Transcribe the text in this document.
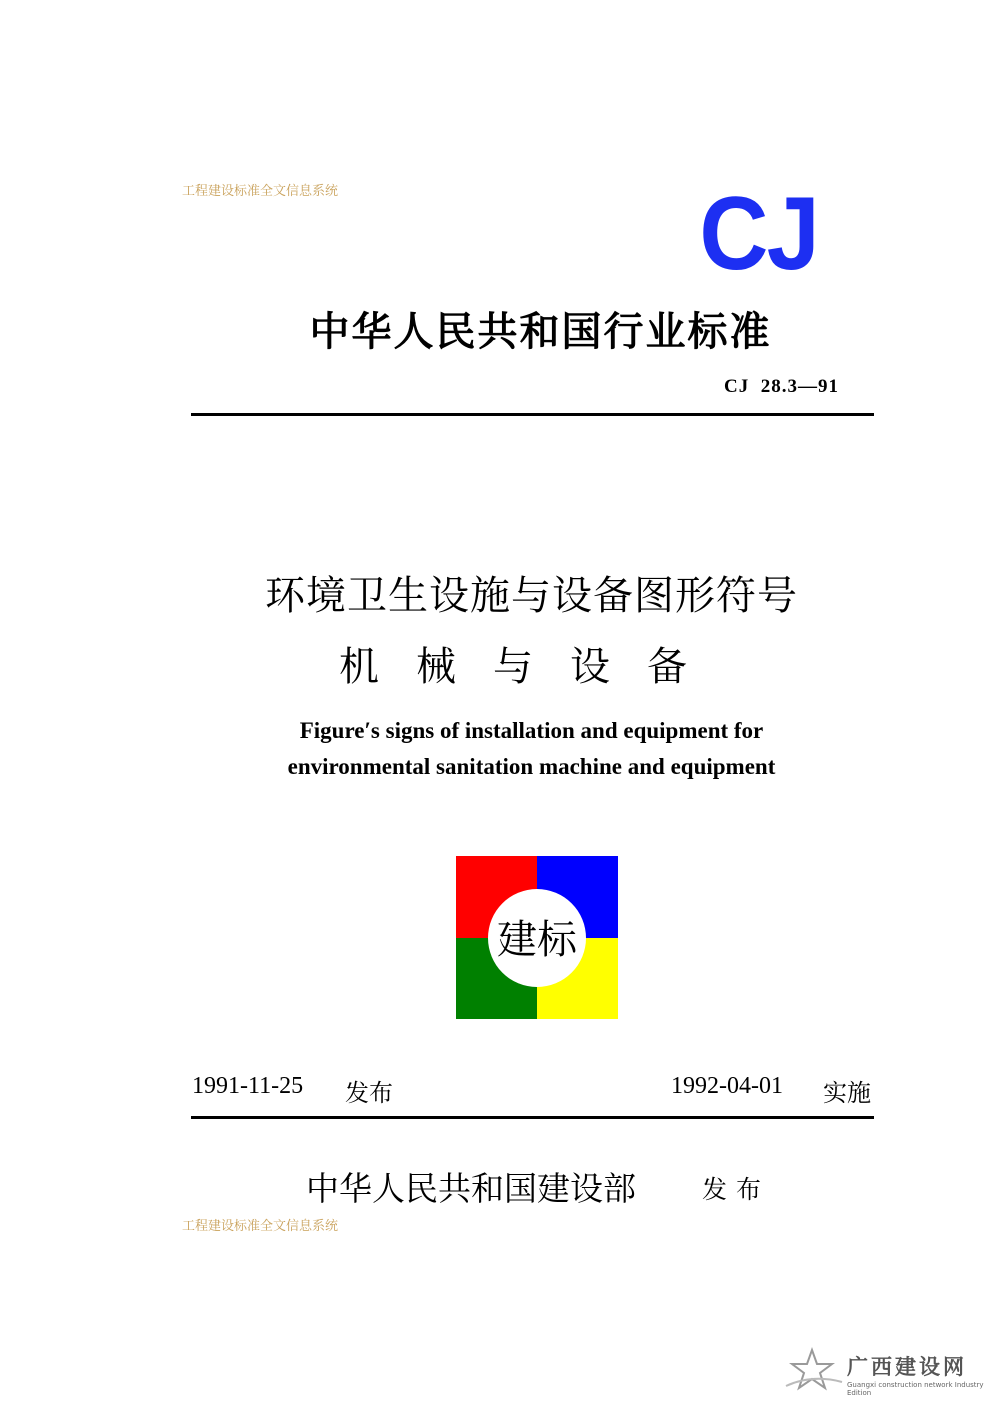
工程建设标准全文信息系统	CJ
中华人民共和国行业标准
CJ  28.3—91
环境卫生设施与设备图形符号
机械与设备
Figure′s signs of installation and equipment for
environmental sanitation machine and equipment
建标
1991-11-25 发布	1992-04-01 实施
中华人民共和国建设部	发布
工程建设标准全文信息系统
广西建设网
Guangxi construction network Industry Edition
